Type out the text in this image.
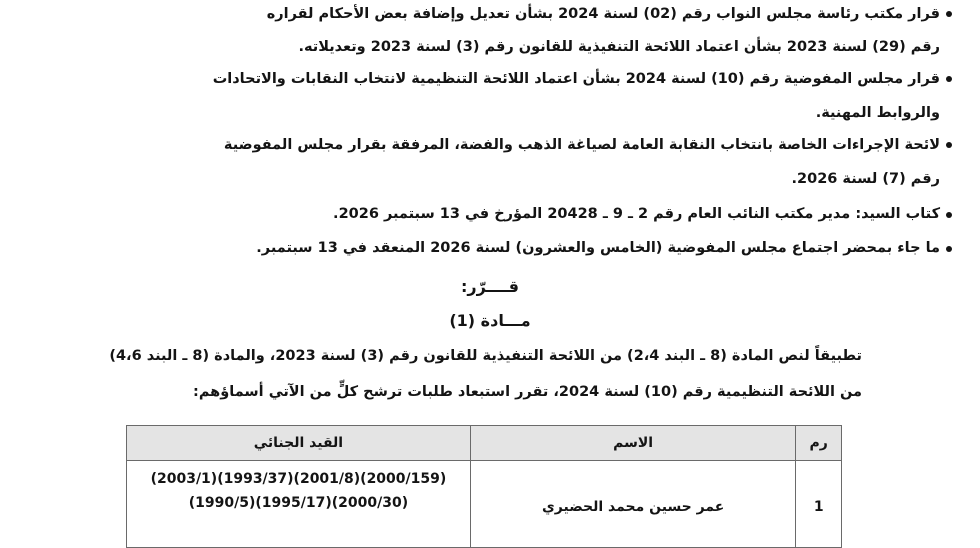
قرار مكتب رئاسة مجلس النواب رقم (02) لسنة 2024 بشأن تعديل وإضافة بعض الأحكام لقراره
رقم (29) لسنة 2023 بشأن اعتماد اللائحة التنفيذية للقانون رقم (3) لسنة 2023 وتعديلاته.
قرار مجلس المفوضية رقم (10) لسنة 2024 بشأن اعتماد اللائحة التنظيمية لانتخاب النقابات والاتحادات
والروابط المهنية.
لائحة الإجراءات الخاصة بانتخاب النقابة العامة لصياغة الذهب والفضة، المرفقة بقرار مجلس المفوضية
رقم (7) لسنة 2026.
كتاب السيد: مدير مكتب النائب العام رقم 2 ـ 9 ـ 20428 المؤرخ في 13 سبتمبر 2026.
ما جاء بمحضر اجتماع مجلس المفوضية (الخامس والعشرون) لسنة 2026 المنعقد في 13 سبتمبر.
قــــرّر:
مـــادة (1)
تطبيقاً لنص المادة (8 ـ البند 2،4) من اللائحة التنفيذية للقانون رقم (3) لسنة 2023، والمادة (8 ـ البند 4،6)
من اللائحة التنظيمية رقم (10) لسنة 2024، تقرر استبعاد طلبات ترشح كلٍّ من الآتي أسماؤهم:
رم	الاسم	القيد الجنائي
1	عمر حسين محمد الحضيري	(2003/1)(1993/37)(2001/8)(2000/159)
(1990/5)(1995/17)(2000/30)
